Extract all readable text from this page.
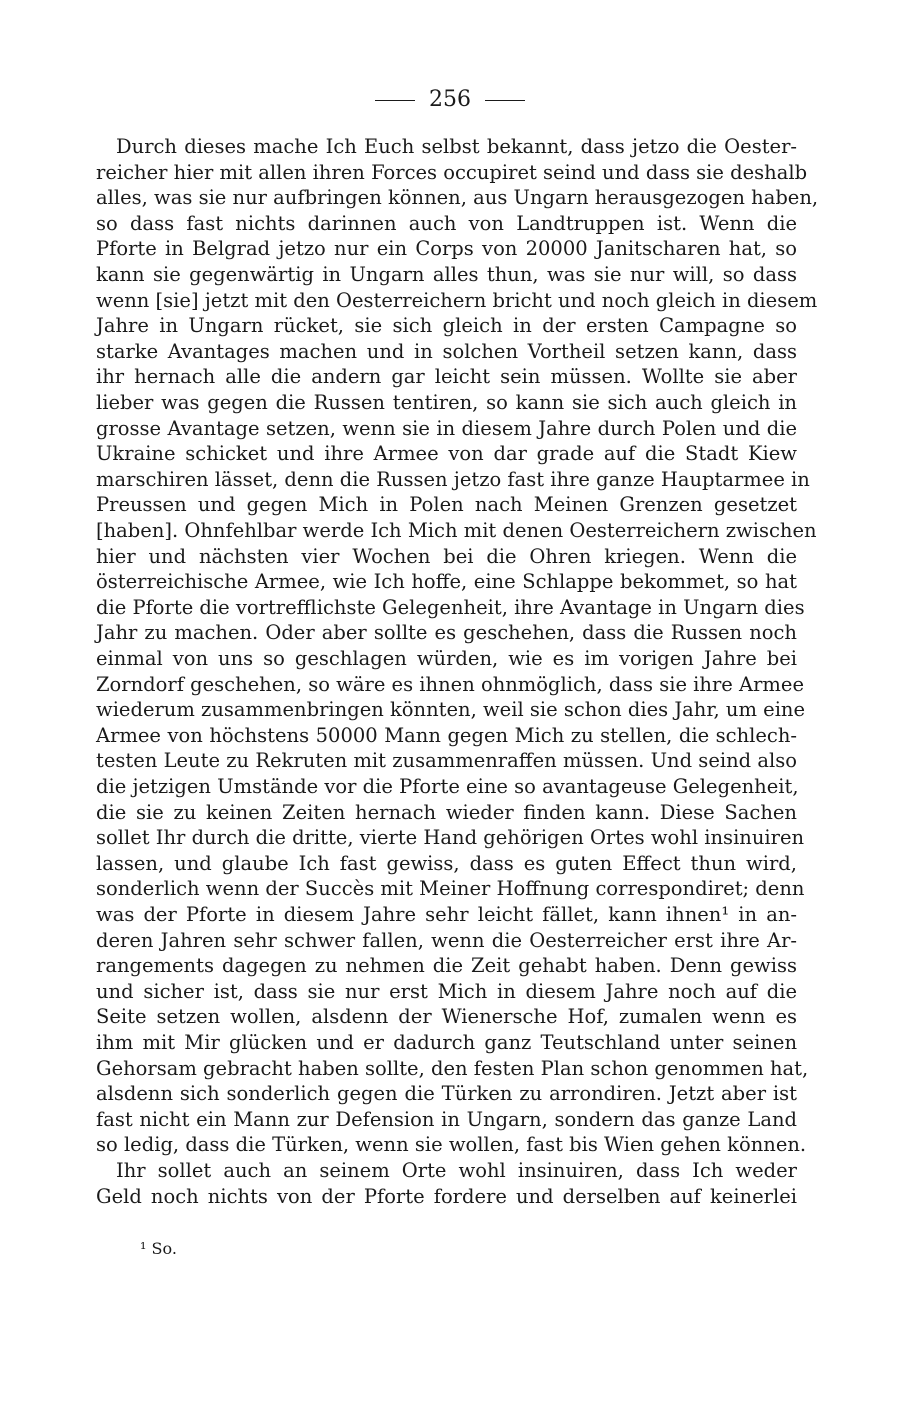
256
Durch dieses mache Ich Euch selbst bekannt, dass jetzo die Oester-
reicher hier mit allen ihren Forces occupiret seind und dass sie deshalb
alles, was sie nur aufbringen können, aus Ungarn herausgezogen haben,
so dass fast nichts darinnen auch von Landtruppen ist. Wenn die
Pforte in Belgrad jetzo nur ein Corps von 20000 Janitscharen hat, so
kann sie gegenwärtig in Ungarn alles thun, was sie nur will, so dass
wenn [sie] jetzt mit den Oesterreichern bricht und noch gleich in diesem
Jahre in Ungarn rücket, sie sich gleich in der ersten Campagne so
starke Avantages machen und in solchen Vortheil setzen kann, dass
ihr hernach alle die andern gar leicht sein müssen. Wollte sie aber
lieber was gegen die Russen tentiren, so kann sie sich auch gleich in
grosse Avantage setzen, wenn sie in diesem Jahre durch Polen und die
Ukraine schicket und ihre Armee von dar grade auf die Stadt Kiew
marschiren lässet, denn die Russen jetzo fast ihre ganze Hauptarmee in
Preussen und gegen Mich in Polen nach Meinen Grenzen gesetzet
[haben]. Ohnfehlbar werde Ich Mich mit denen Oesterreichern zwischen
hier und nächsten vier Wochen bei die Ohren kriegen. Wenn die
österreichische Armee, wie Ich hoffe, eine Schlappe bekommet, so hat
die Pforte die vortrefflichste Gelegenheit, ihre Avantage in Ungarn dies
Jahr zu machen. Oder aber sollte es geschehen, dass die Russen noch
einmal von uns so geschlagen würden, wie es im vorigen Jahre bei
Zorndorf geschehen, so wäre es ihnen ohnmöglich, dass sie ihre Armee
wiederum zusammenbringen könnten, weil sie schon dies Jahr, um eine
Armee von höchstens 50000 Mann gegen Mich zu stellen, die schlech-
testen Leute zu Rekruten mit zusammenraffen müssen. Und seind also
die jetzigen Umstände vor die Pforte eine so avantageuse Gelegenheit,
die sie zu keinen Zeiten hernach wieder finden kann. Diese Sachen
sollet Ihr durch die dritte, vierte Hand gehörigen Ortes wohl insinuiren
lassen, und glaube Ich fast gewiss, dass es guten Effect thun wird,
sonderlich wenn der Succès mit Meiner Hoffnung correspondiret; denn
was der Pforte in diesem Jahre sehr leicht fället, kann ihnen¹ in an-
deren Jahren sehr schwer fallen, wenn die Oesterreicher erst ihre Ar-
rangements dagegen zu nehmen die Zeit gehabt haben. Denn gewiss
und sicher ist, dass sie nur erst Mich in diesem Jahre noch auf die
Seite setzen wollen, alsdenn der Wienersche Hof, zumalen wenn es
ihm mit Mir glücken und er dadurch ganz Teutschland unter seinen
Gehorsam gebracht haben sollte, den festen Plan schon genommen hat,
alsdenn sich sonderlich gegen die Türken zu arrondiren. Jetzt aber ist
fast nicht ein Mann zur Defension in Ungarn, sondern das ganze Land
so ledig, dass die Türken, wenn sie wollen, fast bis Wien gehen können.
Ihr sollet auch an seinem Orte wohl insinuiren, dass Ich weder
Geld noch nichts von der Pforte fordere und derselben auf keinerlei
¹ So.
